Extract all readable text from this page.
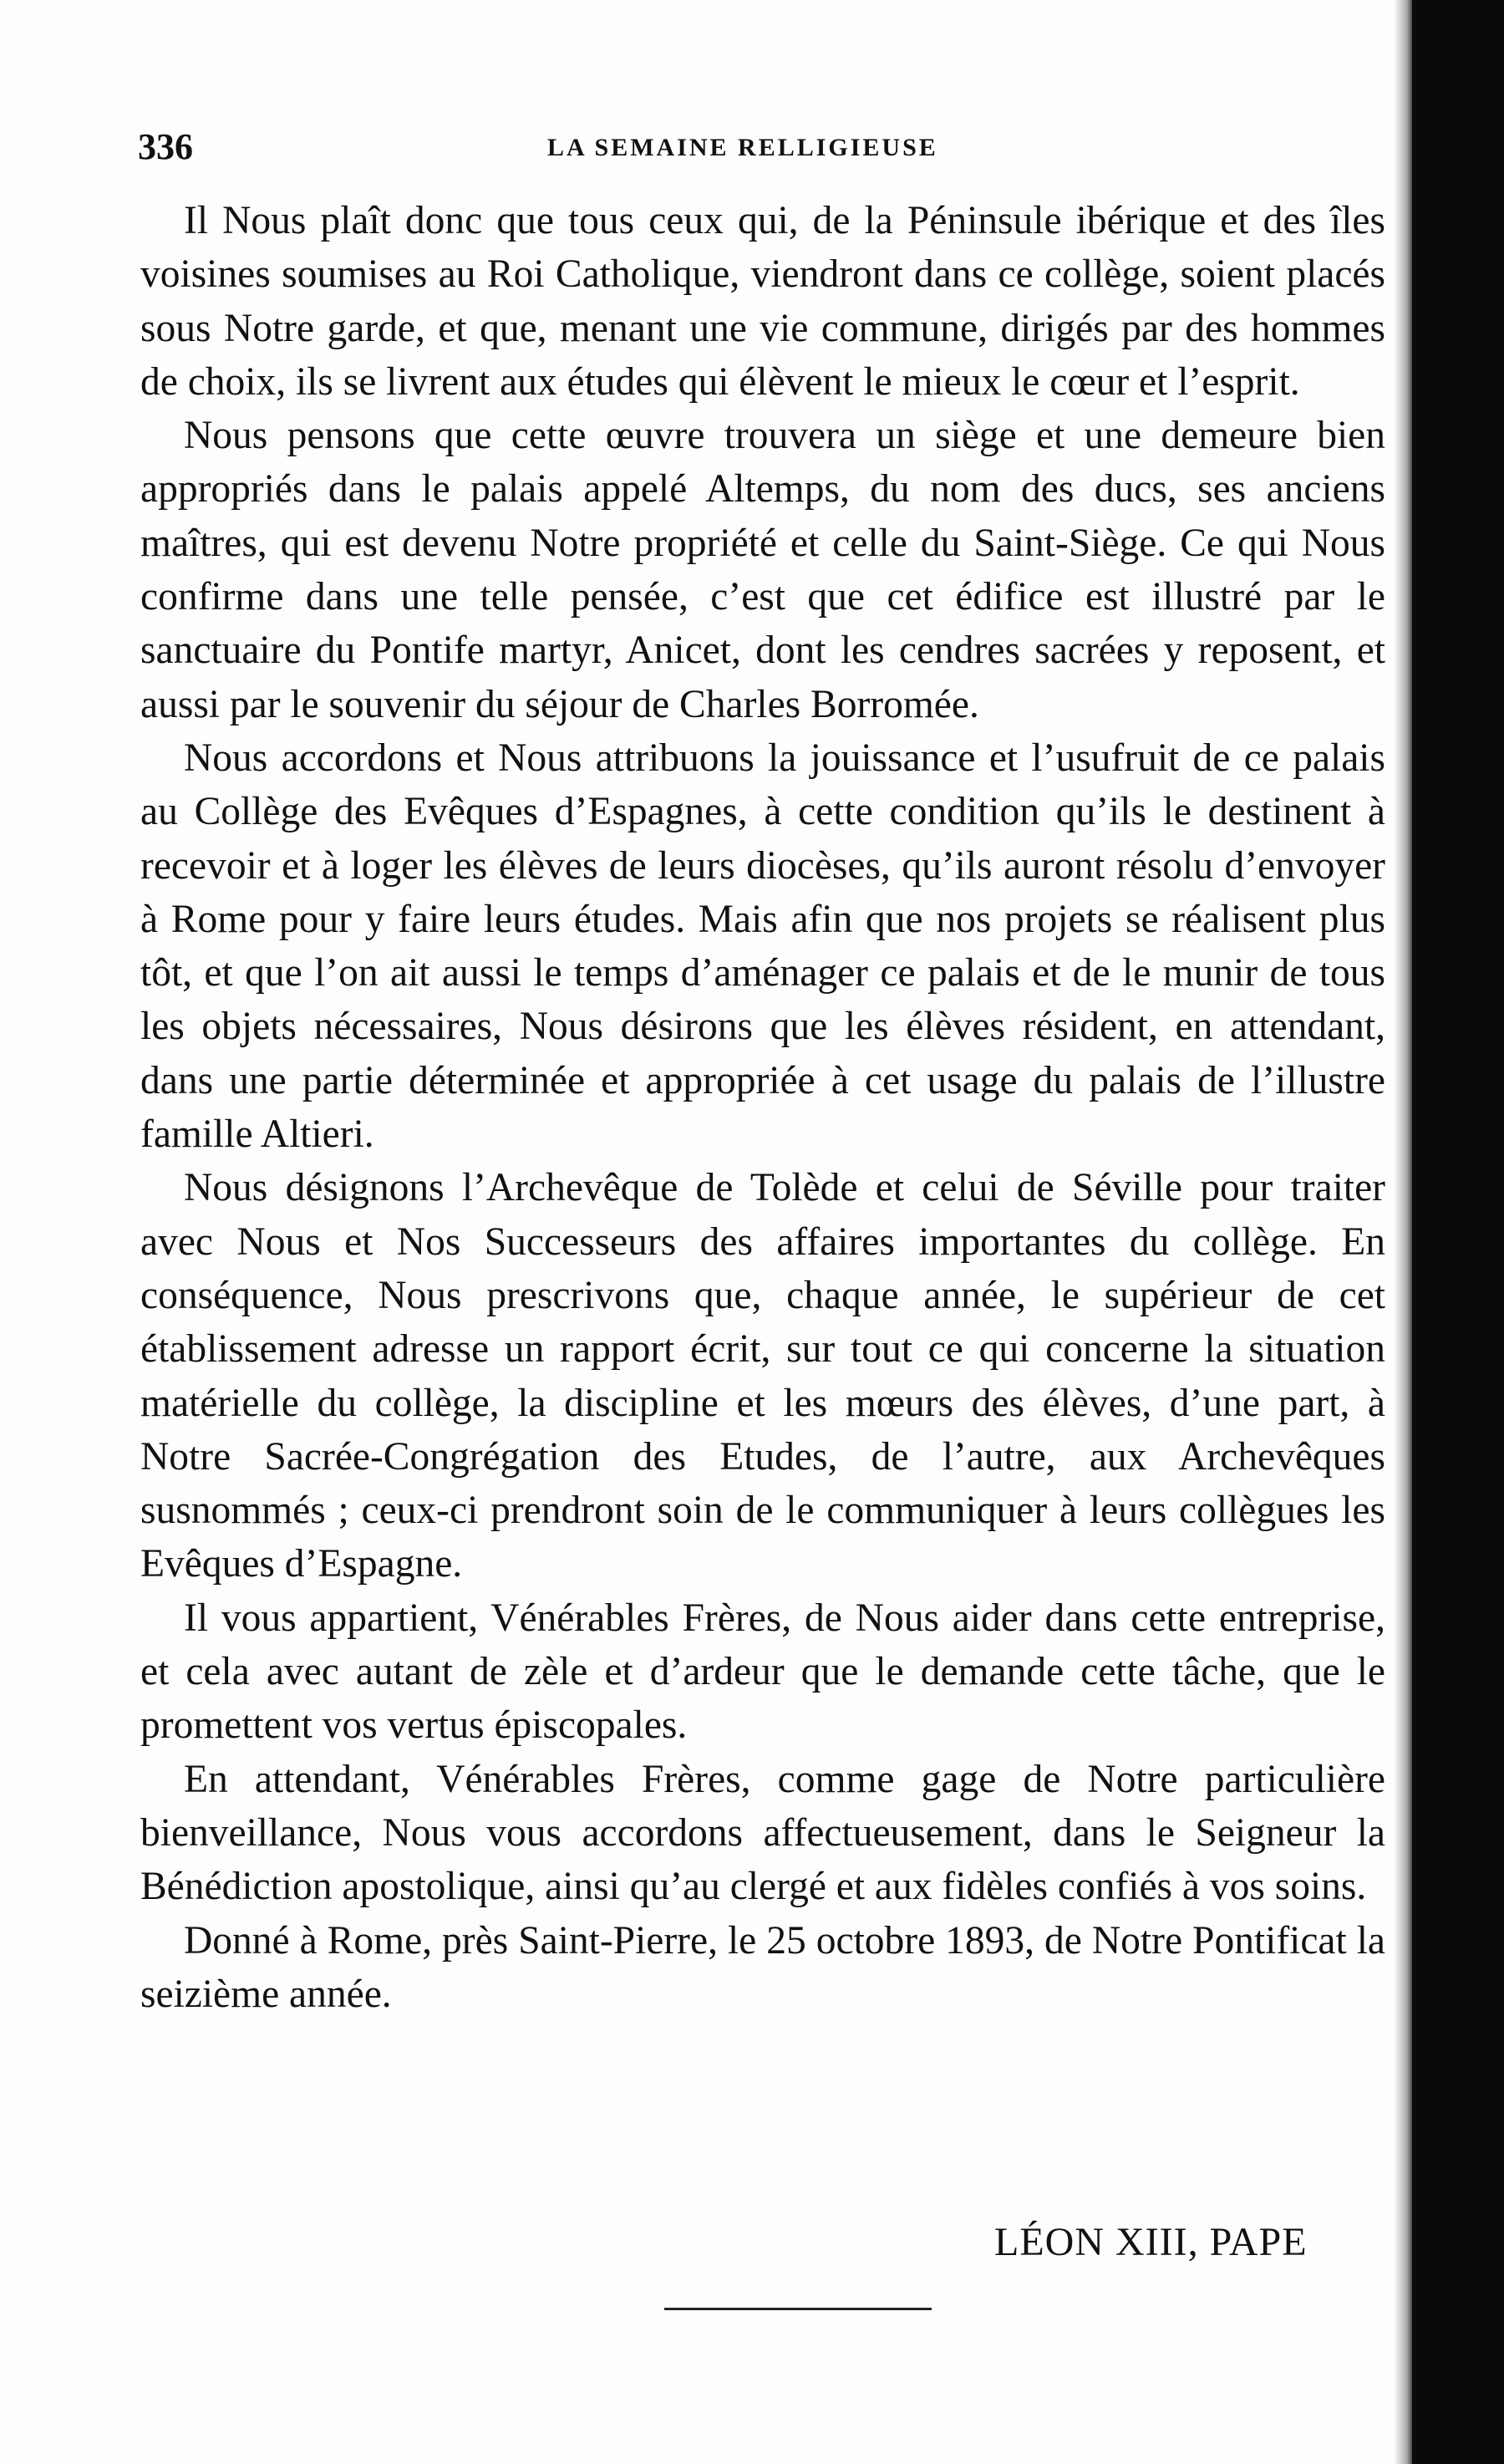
336	LA SEMAINE RELLIGIEUSE

Il Nous plaît donc que tous ceux qui, de la Péninsule ibérique et des îles voisines soumises au Roi Catholique, viendront dans ce collège, soient placés sous Notre garde, et que, menant une vie commune, dirigés par des hommes de choix, ils se livrent aux études qui élèvent le mieux le cœur et l’esprit.

Nous pensons que cette œuvre trouvera un siège et une demeure bien appropriés dans le palais appelé Altemps, du nom des ducs, ses anciens maîtres, qui est devenu Notre propriété et celle du Saint-Siège. Ce qui Nous confirme dans une telle pensée, c’est que cet édifice est illustré par le sanctuaire du Pontife martyr, Anicet, dont les cendres sacrées y reposent, et aussi par le souvenir du séjour de Charles Borromée.

Nous accordons et Nous attribuons la jouissance et l’usufruit de ce palais au Collège des Evêques d’Espagnes, à cette condition qu’ils le destinent à recevoir et à loger les élèves de leurs diocèses, qu’ils auront résolu d’envoyer à Rome pour y faire leurs études. Mais afin que nos projets se réalisent plus tôt, et que l’on ait aussi le temps d’aménager ce palais et de le munir de tous les objets nécessaires, Nous désirons que les élèves résident, en attendant, dans une partie déterminée et appropriée à cet usage du palais de l’illustre famille Altieri.

Nous désignons l’Archevêque de Tolède et celui de Séville pour traiter avec Nous et Nos Successeurs des affaires importantes du collège. En conséquence, Nous prescrivons que, chaque année, le supérieur de cet établissement adresse un rapport écrit, sur tout ce qui concerne la situation matérielle du collège, la discipline et les mœurs des élèves, d’une part, à Notre Sacrée-Congrégation des Etudes, de l’autre, aux Archevêques susnommés ; ceux-ci prendront soin de le communiquer à leurs collègues les Evêques d’Espagne.

Il vous appartient, Vénérables Frères, de Nous aider dans cette entreprise, et cela avec autant de zèle et d’ardeur que le demande cette tâche, que le promettent vos vertus épiscopales.

En attendant, Vénérables Frères, comme gage de Notre particulière bienveillance, Nous vous accordons affectueusement, dans le Seigneur la Bénédiction apostolique, ainsi qu’au clergé et aux fidèles confiés à vos soins.

Donné à Rome, près Saint-Pierre, le 25 octobre 1893, de Notre Pontificat la seizième année.

LÉON XIII, PAPE
